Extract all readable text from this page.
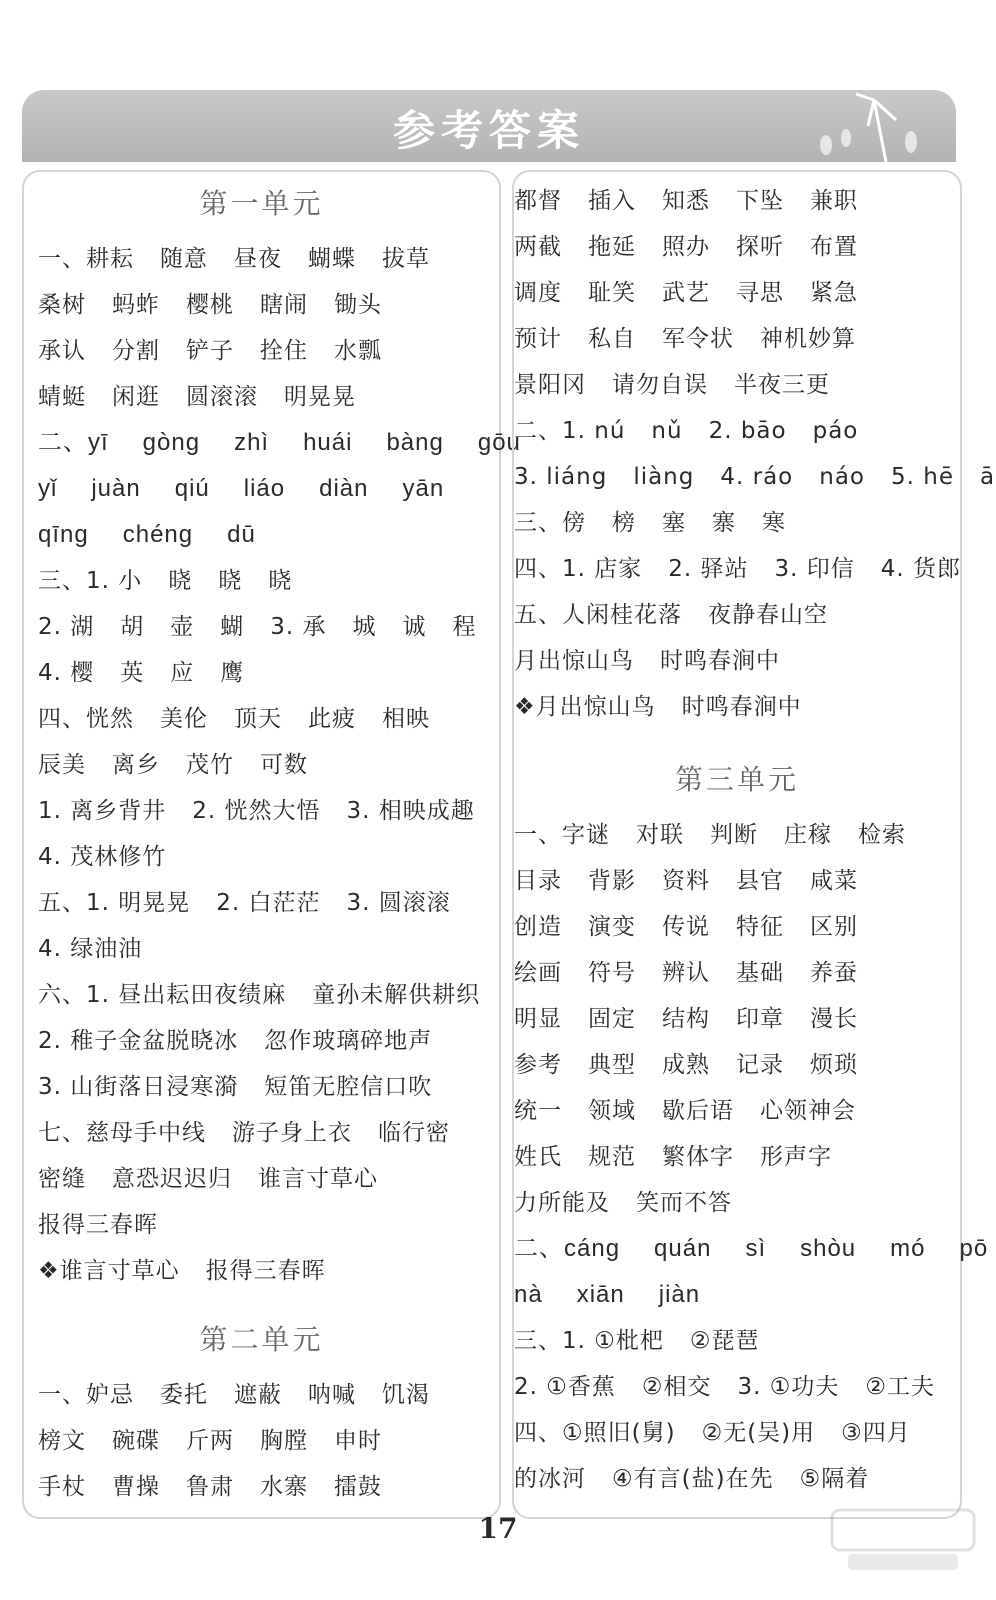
参考答案
第一单元
一、耕耘 随意 昼夜 蝴蝶 拔草
桑树 蚂蚱 樱桃 瞎闹 锄头
承认 分割 铲子 拴住 水瓢
蜻蜓 闲逛 圆滚滚 明晃晃
二、yī gòng zhì huái bàng gōu
yǐ juàn qiú liáo diàn yān
qīng chéng dū
三、1. 小 晓 晓 晓
2. 湖 胡 壶 蝴 3. 承 城 诚 程
4. 樱 英 应 鹰
四、恍然 美伦 顶天 此疲 相映
辰美 离乡 茂竹 可数
1. 离乡背井 2. 恍然大悟 3. 相映成趣
4. 茂林修竹
五、1. 明晃晃 2. 白茫茫 3. 圆滚滚
4. 绿油油
六、1. 昼出耘田夜绩麻 童孙未解供耕织
2. 稚子金盆脱晓冰 忽作玻璃碎地声
3. 山街落日浸寒漪 短笛无腔信口吹
七、慈母手中线 游子身上衣 临行密
密缝 意恐迟迟归 谁言寸草心
报得三春晖
❖谁言寸草心 报得三春晖
第二单元
一、妒忌 委托 遮蔽 呐喊 饥渴
榜文 碗碟 斤两 胸膛 申时
手杖 曹操 鲁肃 水寨 擂鼓
都督 插入 知悉 下坠 兼职
两截 拖延 照办 探听 布置
调度 耻笑 武艺 寻思 紧急
预计 私自 军令状 神机妙算
景阳冈 请勿自误 半夜三更
二、1. nú nǔ 2. bāo páo
3. liáng liàng 4. ráo náo 5. hē ā
三、傍 榜 塞 寨 寒
四、1. 店家 2. 驿站 3. 印信 4. 货郎
五、人闲桂花落 夜静春山空
月出惊山鸟 时鸣春涧中
❖月出惊山鸟 时鸣春涧中
第三单元
一、字谜 对联 判断 庄稼 检索
目录 背影 资料 县官 咸菜
创造 演变 传说 特征 区别
绘画 符号 辨认 基础 养蚕
明显 固定 结构 印章 漫长
参考 典型 成熟 记录 烦琐
统一 领域 歇后语 心领神会
姓氏 规范 繁体字 形声字
力所能及 笑而不答
二、cáng quán sì shòu mó pō
nà xiān jiàn
三、1. ①枇杷 ②琵琶
2. ①香蕉 ②相交 3. ①功夫 ②工夫
四、①照旧(舅) ②无(吴)用 ③四月
的冰河 ④有言(盐)在先 ⑤隔着
17
